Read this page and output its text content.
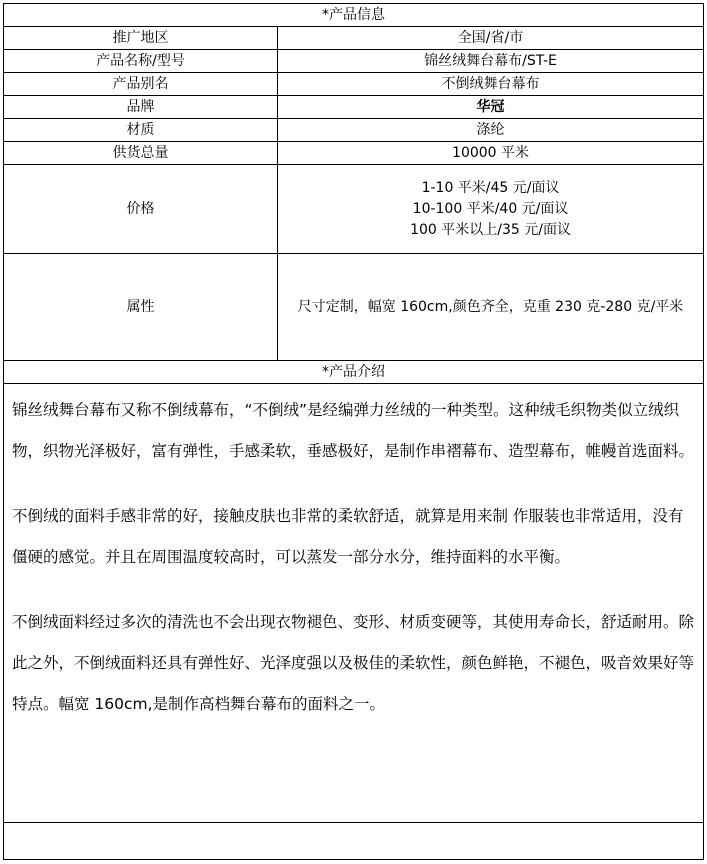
*产品信息	
推广地区	全国/省/市
产品名称/型号	锦丝绒舞台幕布/ST-E
产品别名	不倒绒舞台幕布
品牌	华冠
材质	涤纶
供货总量	10000 平米
价格	1-10 平米/45 元/面议
10-100 平米/40 元/面议
100 平米以上/35 元/面议

属性	尺寸定制，幅宽 160cm,颜色齐全，克重 230 克-280 克/平米
*产品介绍	

锦丝绒舞台幕布又称不倒绒幕布，“不倒绒”是经编弹力丝绒的一种类型。这种绒毛织物类似立绒织物，织物光泽极好，富有弹性，手感柔软，垂感极好，是制作串褶幕布、造型幕布，帷幔首选面料。

不倒绒的面料手感非常的好，接触皮肤也非常的柔软舒适，就算是用来制 作服装也非常适用，没有僵硬的感觉。并且在周围温度较高时，可以蒸发一部分水分，维持面料的水平衡。

不倒绒面料经过多次的清洗也不会出现衣物褪色、变形、材质变硬等，其使用寿命长，舒适耐用。除此之外，不倒绒面料还具有弹性好、光泽度强以及极佳的柔软性，颜色鲜艳，不褪色，吸音效果好等特点。幅宽 160cm,是制作高档舞台幕布的面料之一。	
